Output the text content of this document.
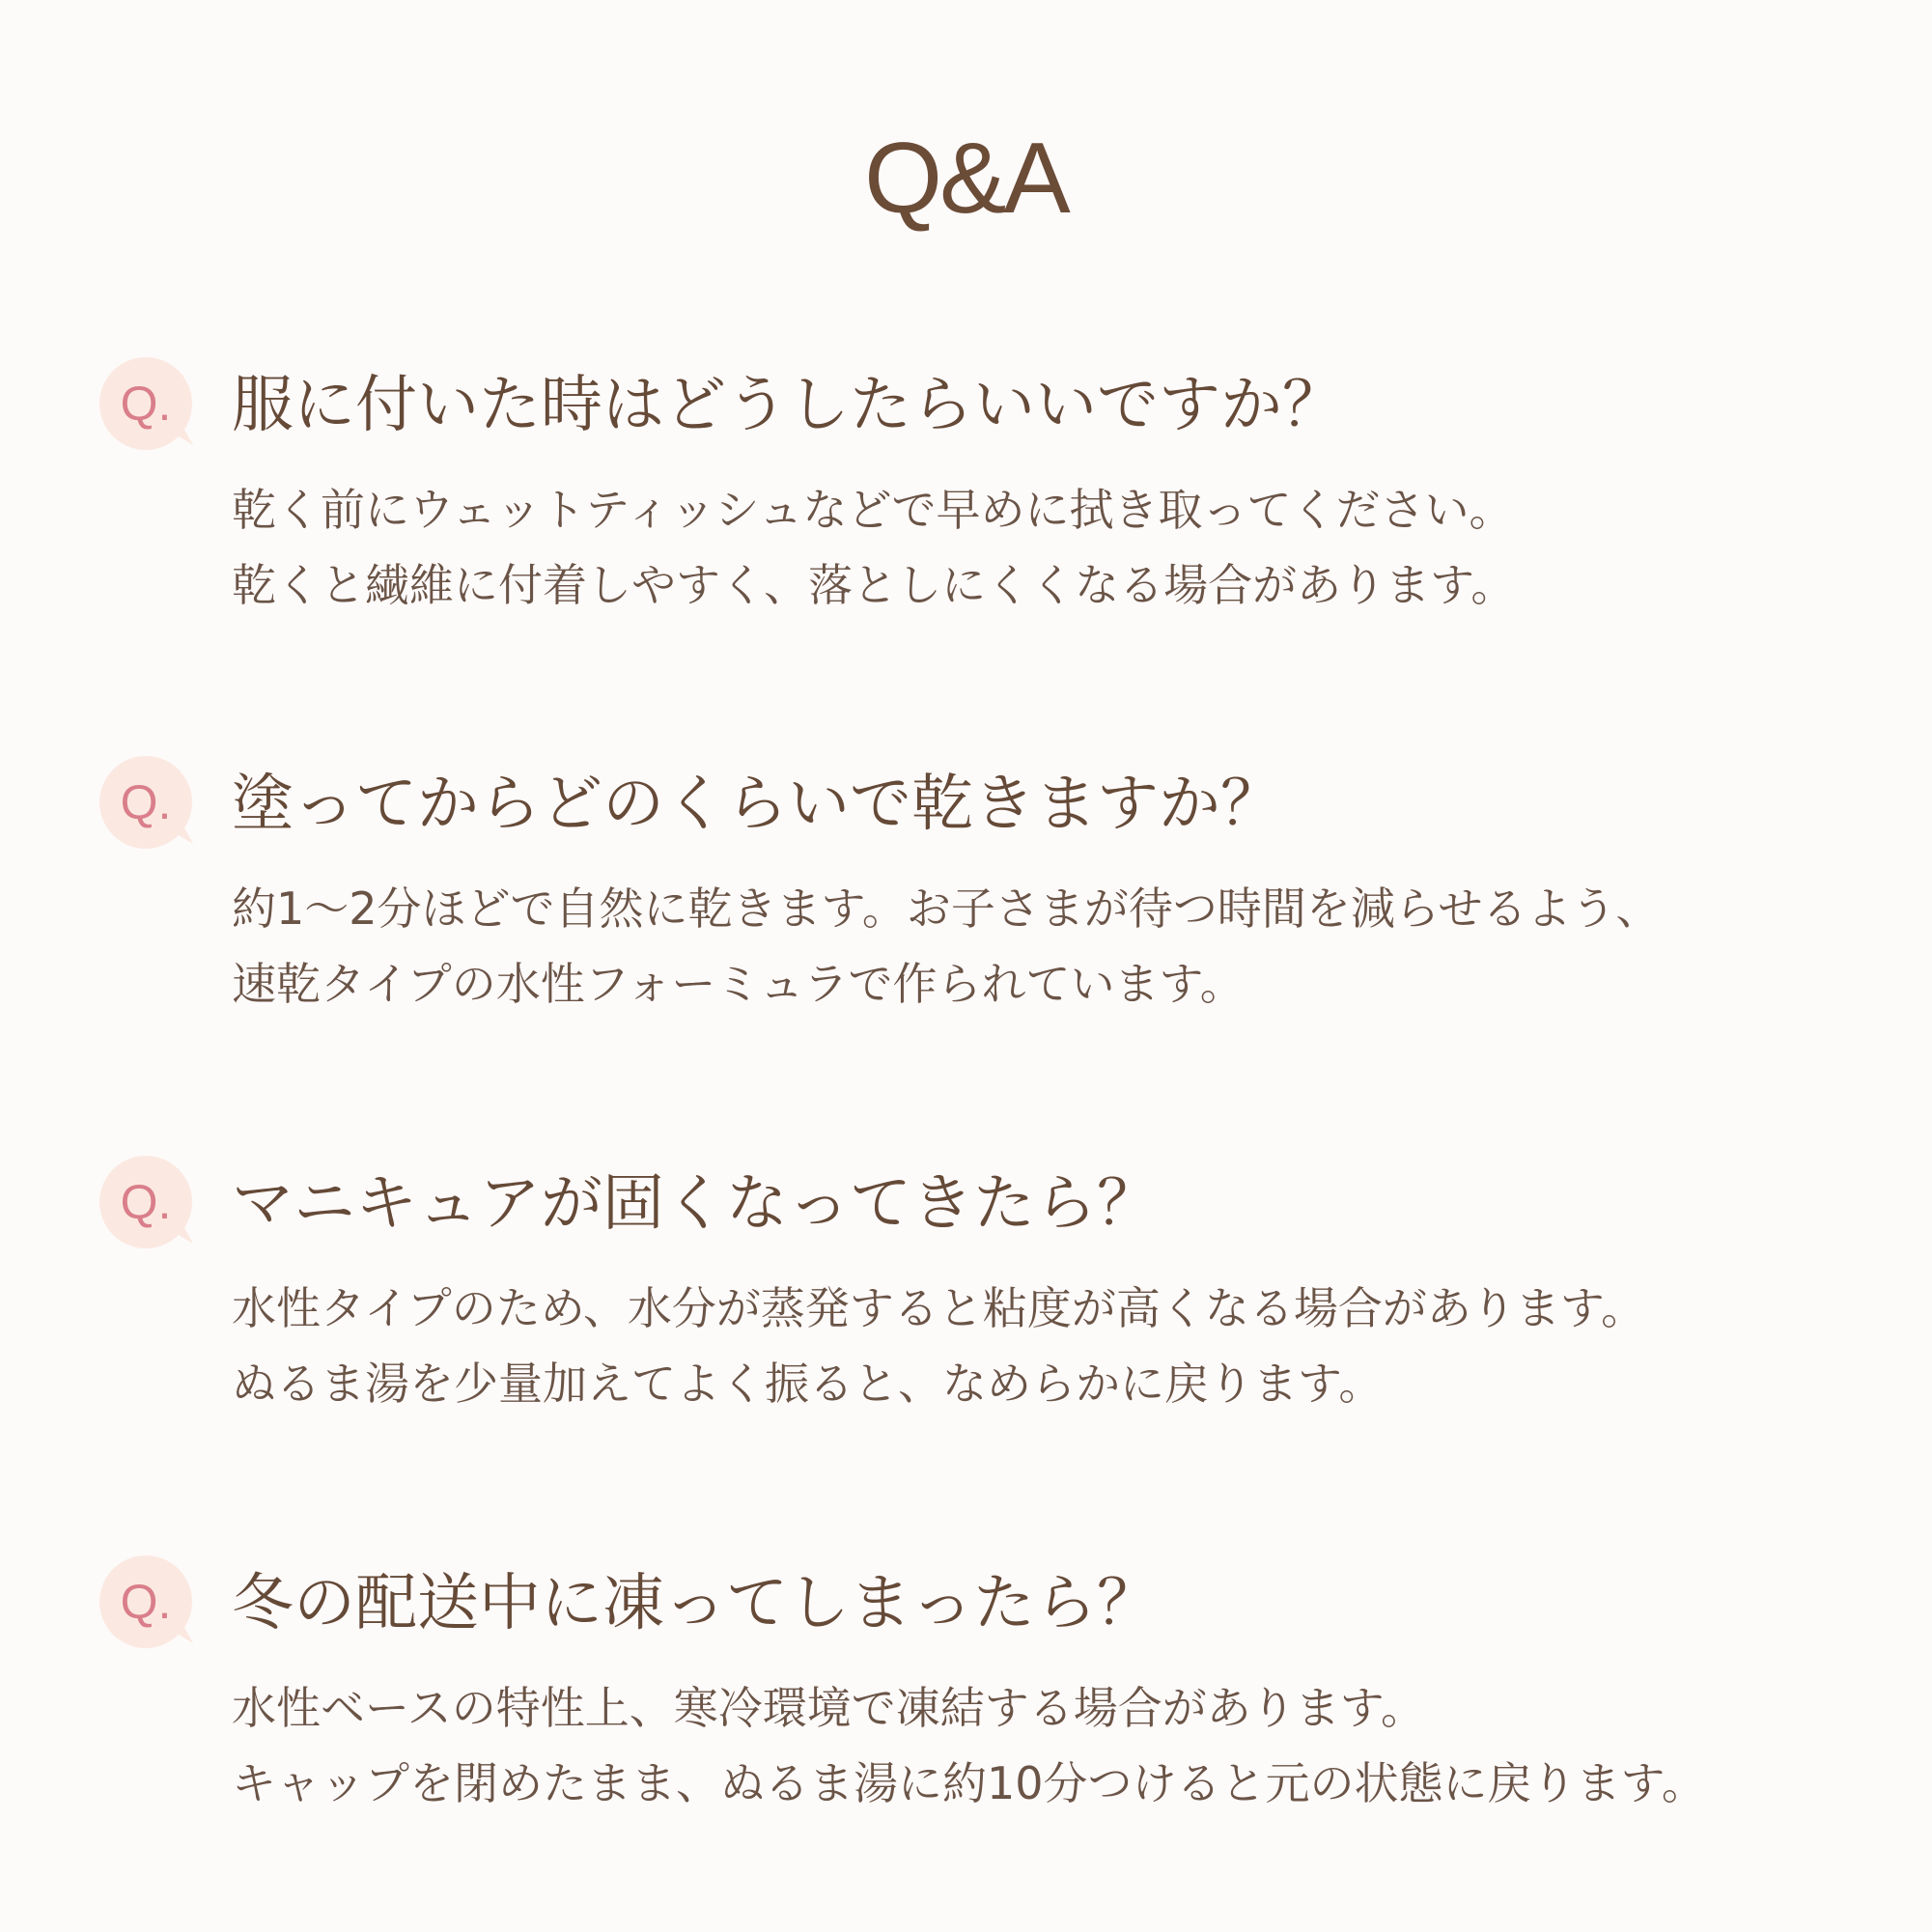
Q&A
Q. 服に付いた時はどうしたらいいですか？
乾く前にウェットティッシュなどで早めに拭き取ってください。
乾くと繊維に付着しやすく、落としにくくなる場合があります。
Q. 塗ってからどのくらいで乾きますか？
約1～2分ほどで自然に乾きます。お子さまが待つ時間を減らせるよう、
速乾タイプの水性フォーミュラで作られています。
Q. マニキュアが固くなってきたら？
水性タイプのため、水分が蒸発すると粘度が高くなる場合があります。
ぬるま湯を少量加えてよく振ると、なめらかに戻ります。
Q. 冬の配送中に凍ってしまったら？
水性ベースの特性上、寒冷環境で凍結する場合があります。
キャップを閉めたまま、ぬるま湯に約10分つけると元の状態に戻ります。
